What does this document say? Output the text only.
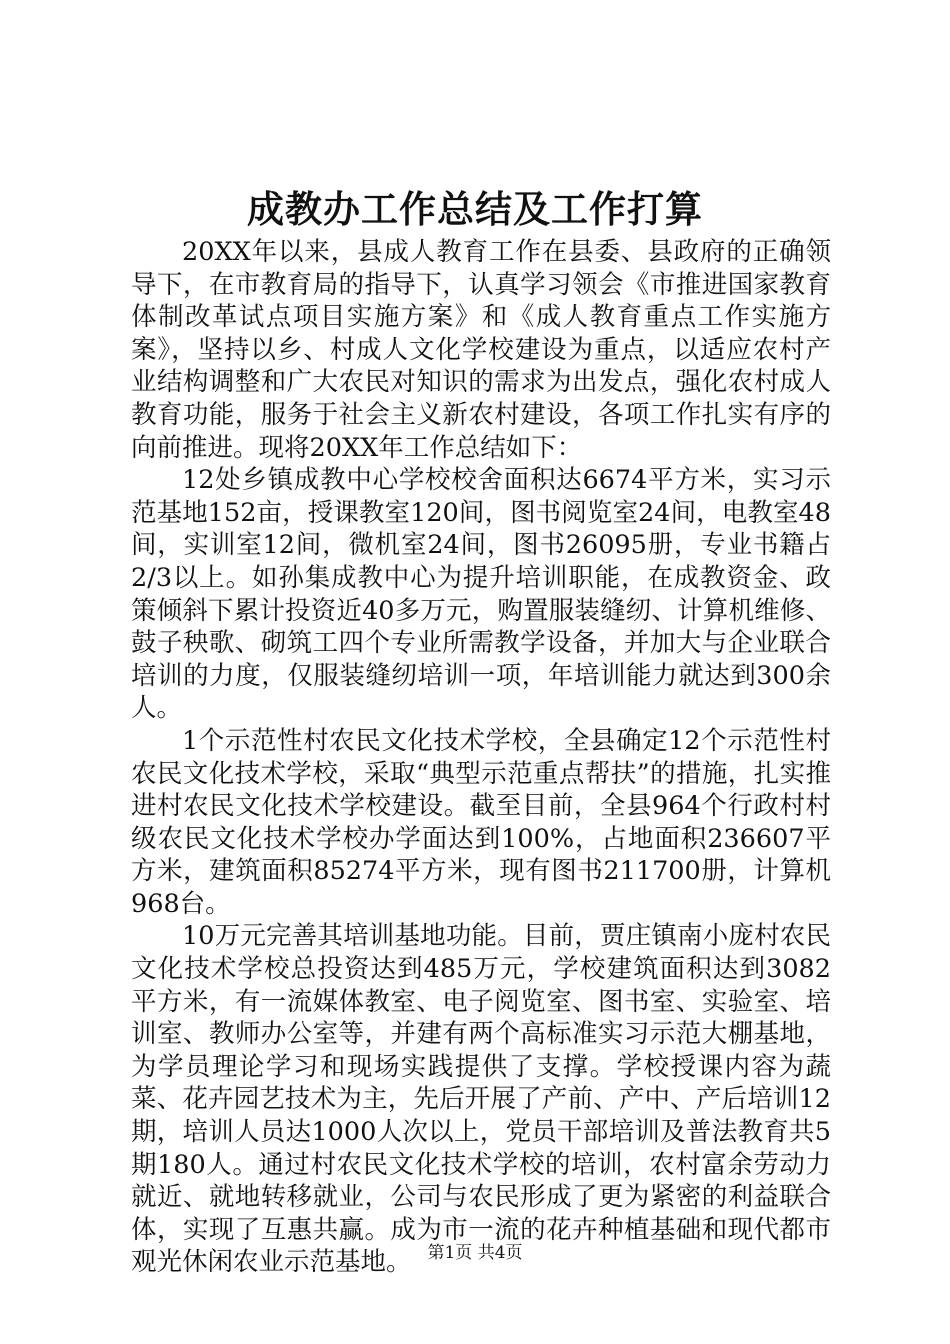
成教办工作总结及工作打算

20XX年以来，县成人教育工作在县委、县政府的正确领导下，在市教育局的指导下，认真学习领会《市推进国家教育体制改革试点项目实施方案》和《成人教育重点工作实施方案》，坚持以乡、村成人文化学校建设为重点，以适应农村产业结构调整和广大农民对知识的需求为出发点，强化农村成人教育功能，服务于社会主义新农村建设，各项工作扎实有序的向前推进。现将20XX年工作总结如下：

12处乡镇成教中心学校校舍面积达6674平方米，实习示范基地152亩，授课教室120间，图书阅览室24间，电教室48间，实训室12间，微机室24间，图书26095册，专业书籍占2/3以上。如孙集成教中心为提升培训职能，在成教资金、政策倾斜下累计投资近40多万元，购置服装缝纫、计算机维修、鼓子秧歌、砌筑工四个专业所需教学设备，并加大与企业联合培训的力度，仅服装缝纫培训一项，年培训能力就达到300余人。

1个示范性村农民文化技术学校，全县确定12个示范性村农民文化技术学校，采取“典型示范重点帮扶”的措施，扎实推进村农民文化技术学校建设。截至目前，全县964个行政村村级农民文化技术学校办学面达到100%，占地面积236607平方米，建筑面积85274平方米，现有图书211700册，计算机968台。

10万元完善其培训基地功能。目前，贾庄镇南小庞村农民文化技术学校总投资达到485万元，学校建筑面积达到3082平方米，有一流媒体教室、电子阅览室、图书室、实验室、培训室、教师办公室等，并建有两个高标准实习示范大棚基地，为学员理论学习和现场实践提供了支撑。学校授课内容为蔬菜、花卉园艺技术为主，先后开展了产前、产中、产后培训12期，培训人员达1000人次以上，党员干部培训及普法教育共5期180人。通过村农民文化技术学校的培训，农村富余劳动力就近、就地转移就业，公司与农民形成了更为紧密的利益联合体，实现了互惠共赢。成为市一流的花卉种植基础和现代都市观光休闲农业示范基地。 第1页 共4页
